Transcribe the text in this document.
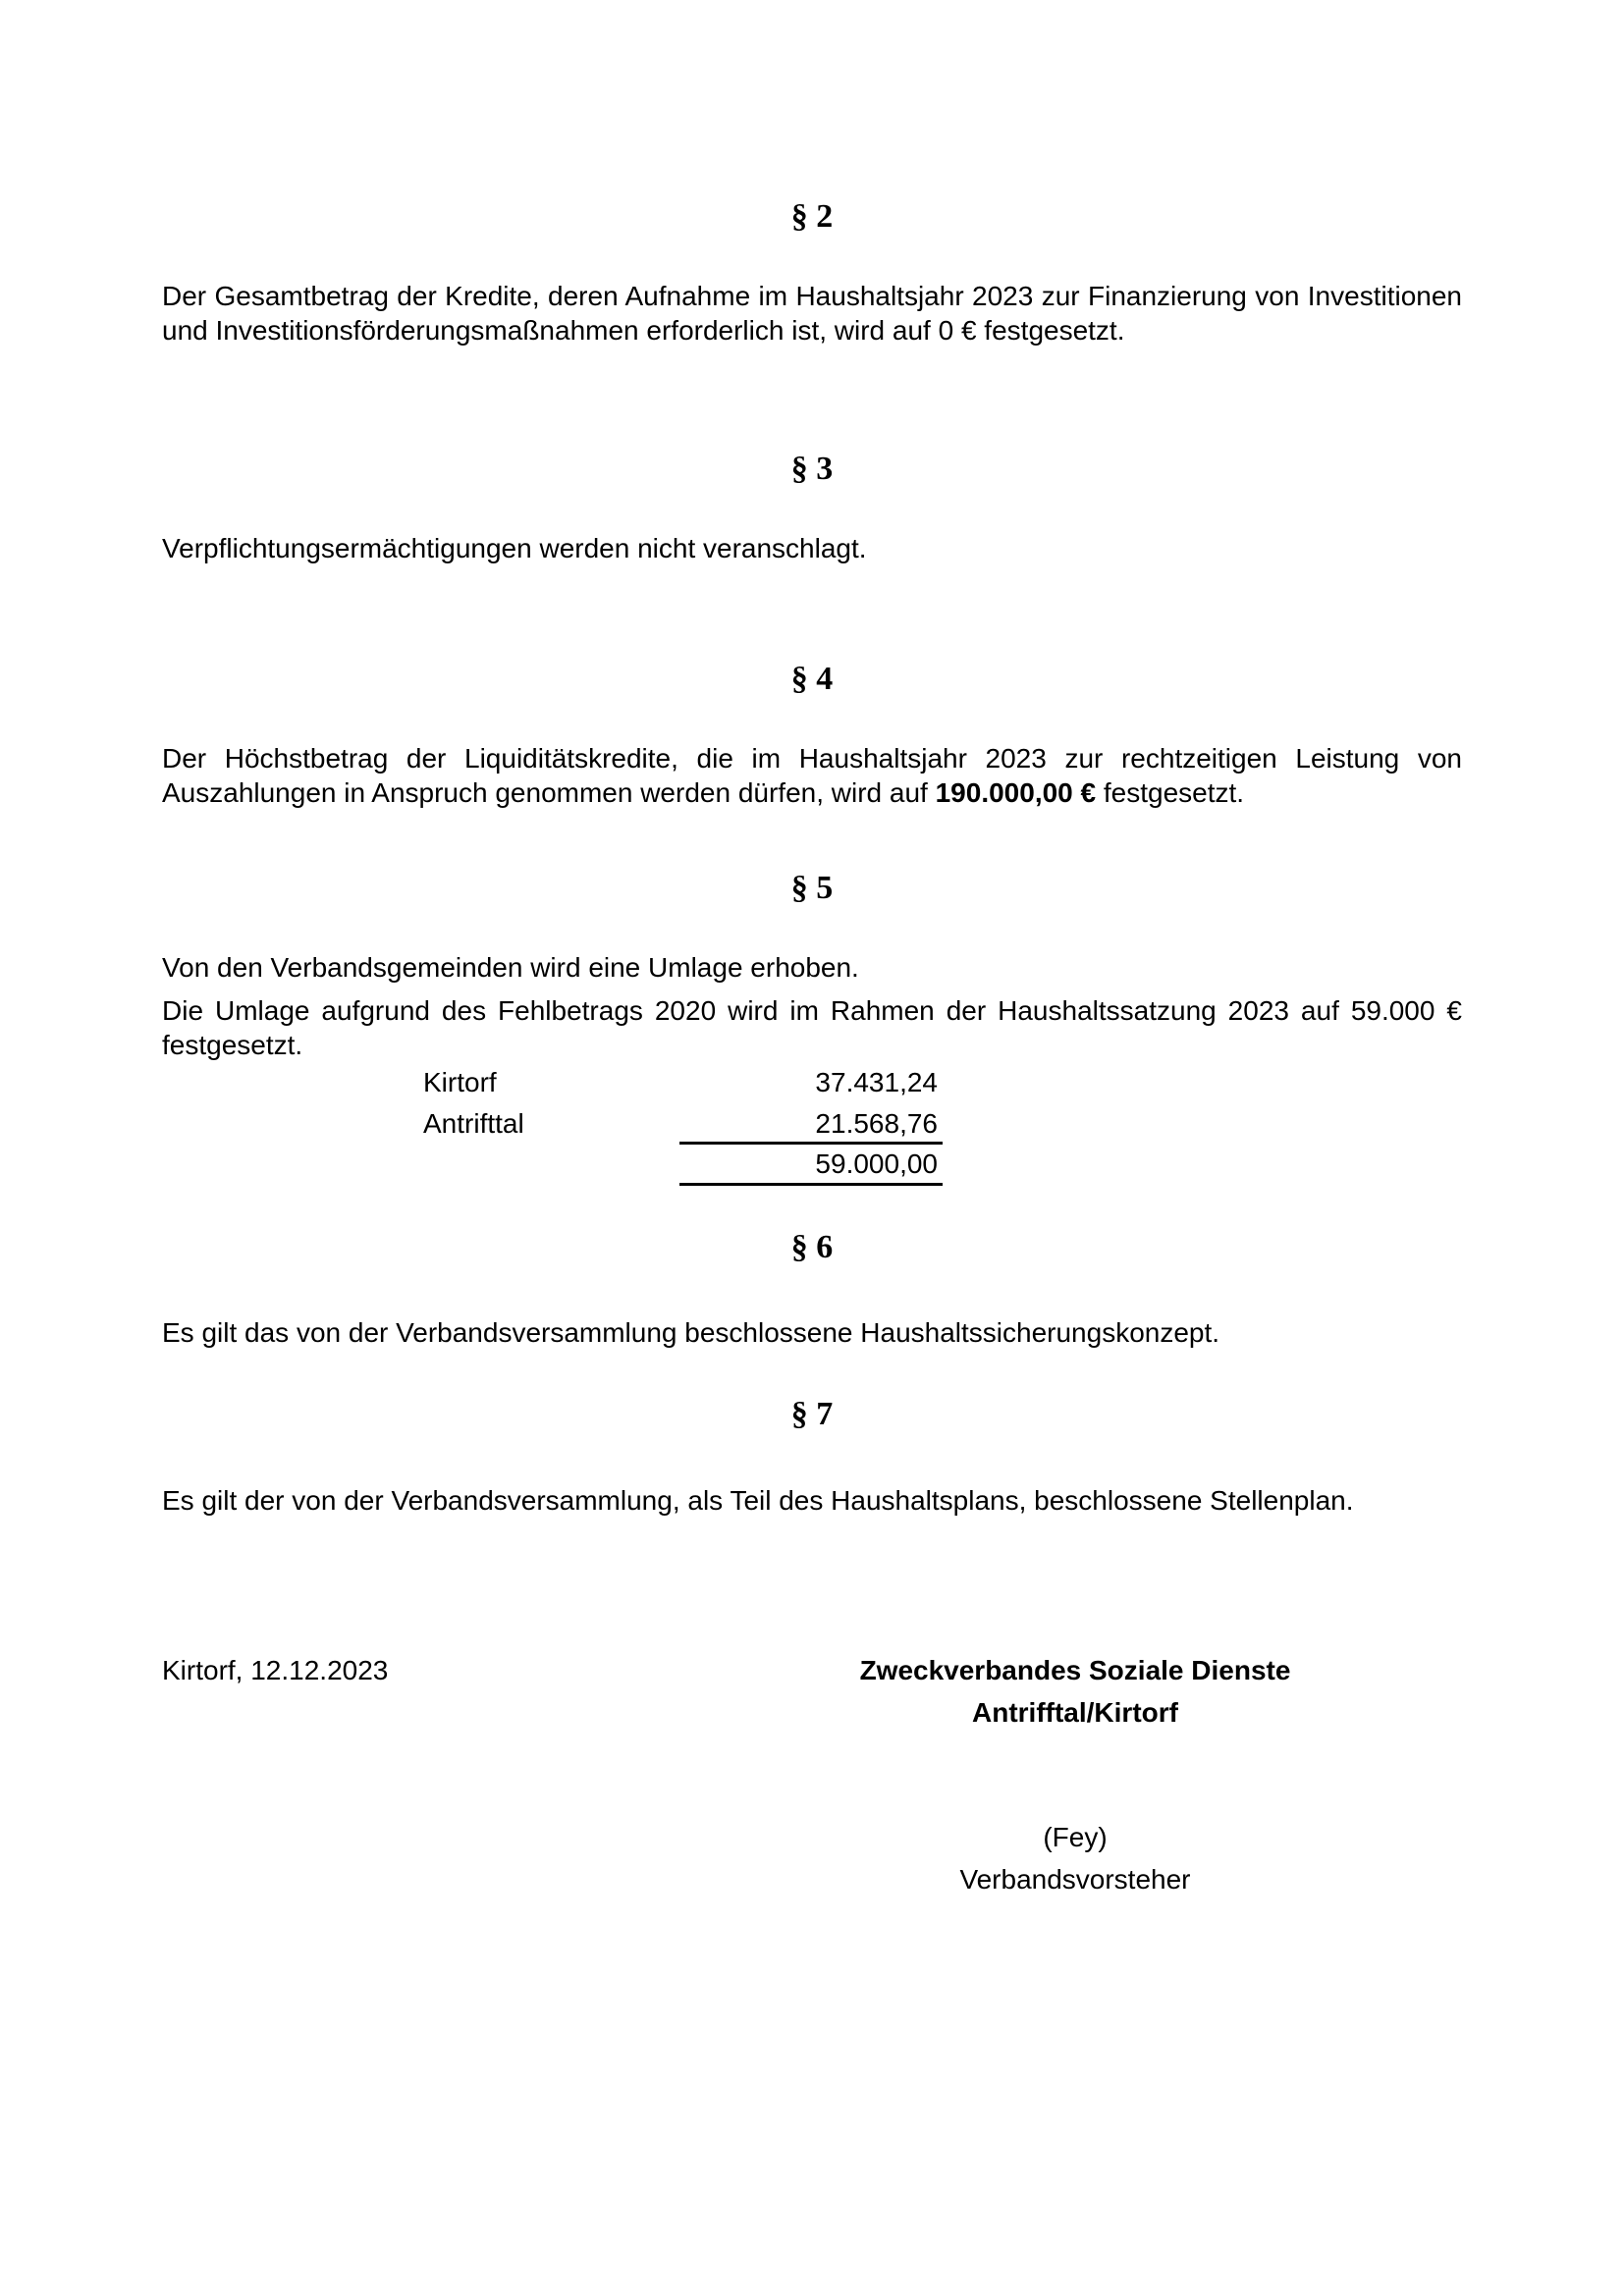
§ 2
Der Gesamtbetrag der Kredite, deren Aufnahme im Haushaltsjahr 2023 zur Finanzierung von Investitionen und Investitionsförderungsmaßnahmen erforderlich ist, wird auf 0 € festgesetzt.
§ 3
Verpflichtungsermächtigungen werden nicht veranschlagt.
§ 4
Der Höchstbetrag der Liquiditätskredite, die im Haushaltsjahr 2023 zur rechtzeitigen Leistung von Auszahlungen in Anspruch genommen werden dürfen, wird auf 190.000,00 € festgesetzt.
§ 5
Von den Verbandsgemeinden wird eine Umlage erhoben.
Die Umlage aufgrund des Fehlbetrags 2020 wird im Rahmen der Haushaltssatzung 2023 auf 59.000 € festgesetzt.
Kirtorf	37.431,24
Antrifttal	21.568,76
59.000,00
§ 6
Es gilt das von der Verbandsversammlung beschlossene Haushaltssicherungskonzept.
§ 7
Es gilt der von der Verbandsversammlung, als Teil des Haushaltsplans, beschlossene Stellenplan.
Kirtorf, 12.12.2023	Zweckverbandes Soziale Dienste
Antrifftal/Kirtorf
(Fey)
Verbandsvorsteher
